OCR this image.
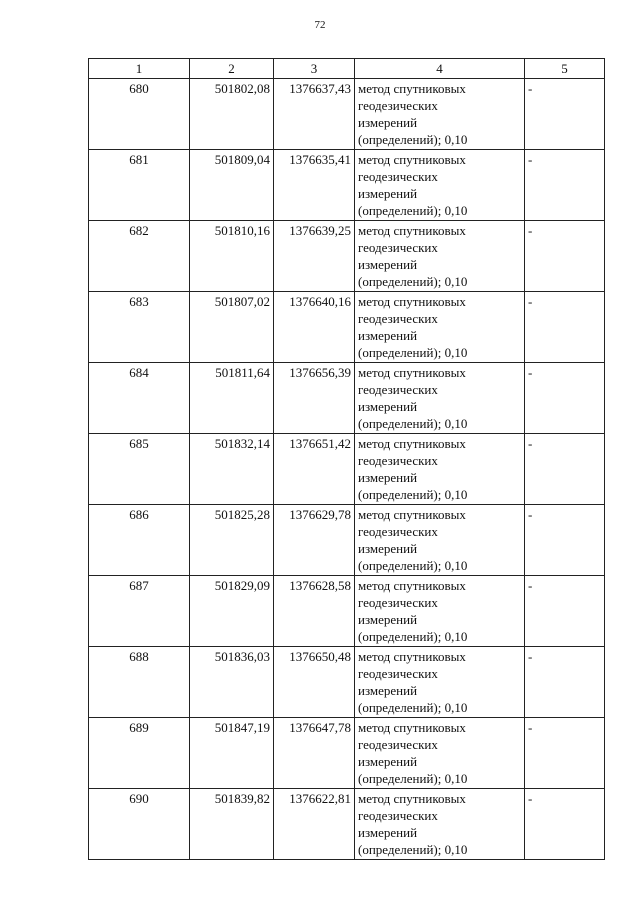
72
1	2	3	4	5
680	501802,08	1376637,43	метод спутниковых
геодезических
измерений
(определений); 0,10	-
681	501809,04	1376635,41	метод спутниковых
геодезических
измерений
(определений); 0,10	-
682	501810,16	1376639,25	метод спутниковых
геодезических
измерений
(определений); 0,10	-
683	501807,02	1376640,16	метод спутниковых
геодезических
измерений
(определений); 0,10	-
684	501811,64	1376656,39	метод спутниковых
геодезических
измерений
(определений); 0,10	-
685	501832,14	1376651,42	метод спутниковых
геодезических
измерений
(определений); 0,10	-
686	501825,28	1376629,78	метод спутниковых
геодезических
измерений
(определений); 0,10	-
687	501829,09	1376628,58	метод спутниковых
геодезических
измерений
(определений); 0,10	-
688	501836,03	1376650,48	метод спутниковых
геодезических
измерений
(определений); 0,10	-
689	501847,19	1376647,78	метод спутниковых
геодезических
измерений
(определений); 0,10	-
690	501839,82	1376622,81	метод спутниковых
геодезических
измерений
(определений); 0,10	-
